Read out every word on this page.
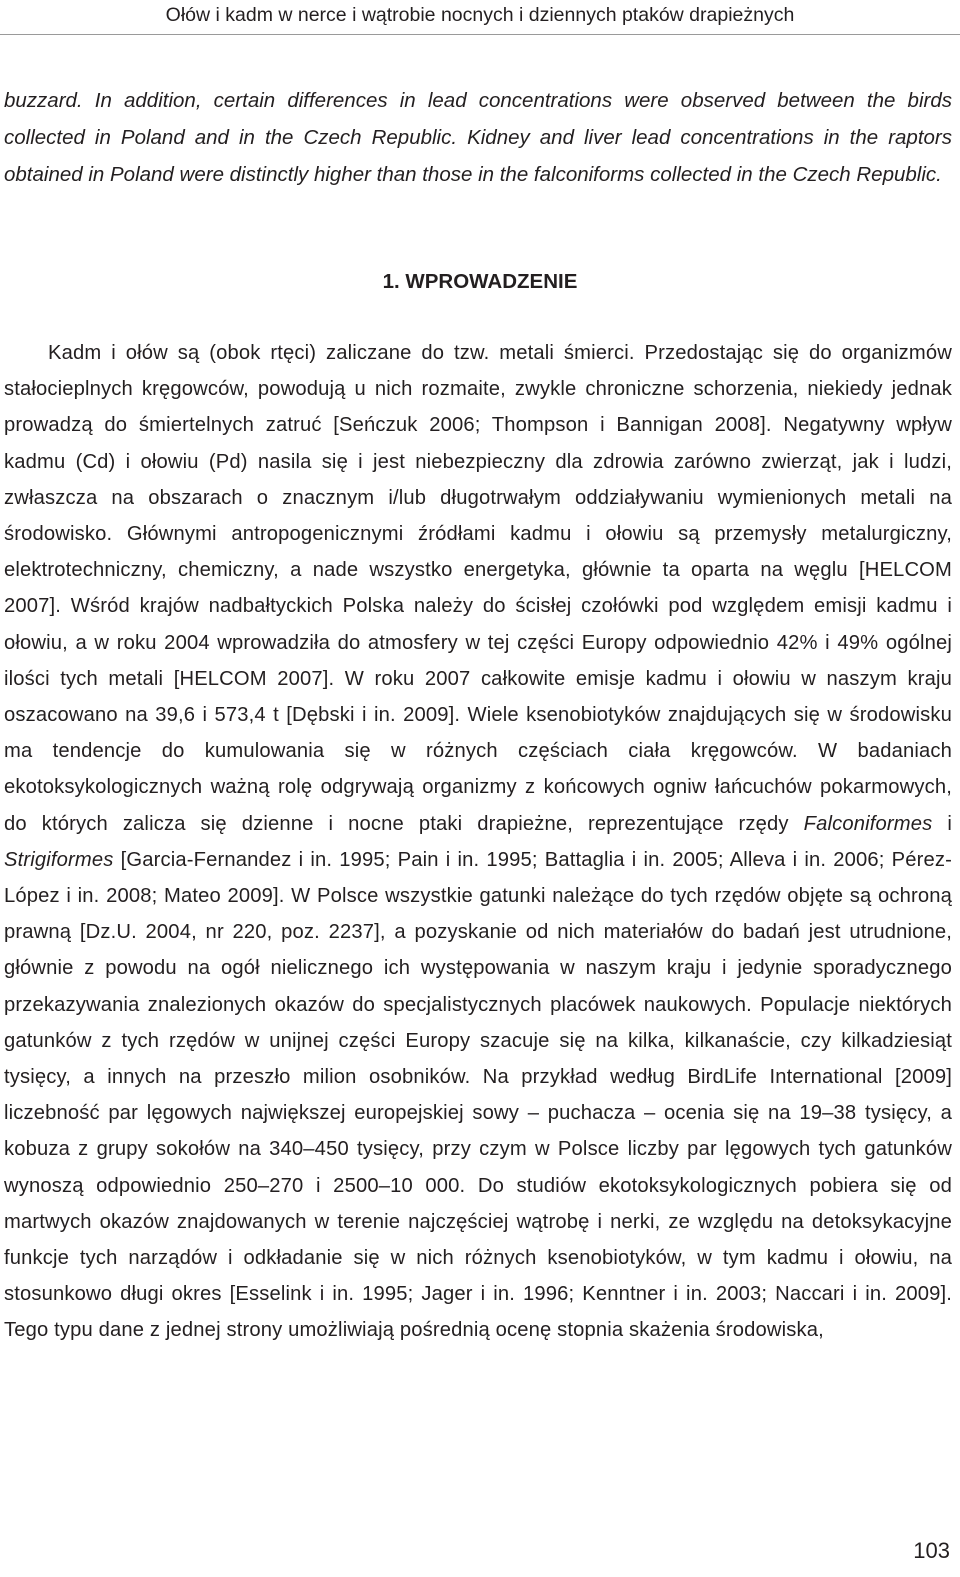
Ołów i kadm w nerce i wątrobie nocnych i dziennych ptaków drapieżnych

buzzard. In addition, certain differences in lead concentrations were observed between the birds collected in Poland and in the Czech Republic. Kidney and liver lead concentrations in the raptors obtained in Poland were distinctly higher than those in the falconiforms collected in the Czech Republic.

1. WPROWADZENIE

Kadm i ołów są (obok rtęci) zaliczane do tzw. metali śmierci. Przedostając się do organizmów stałocieplnych kręgowców, powodują u nich rozmaite, zwykle chroniczne schorzenia, niekiedy jednak prowadzą do śmiertelnych zatruć [Seńczuk 2006; Thompson i Bannigan 2008]. Negatywny wpływ kadmu (Cd) i ołowiu (Pd) nasila się i jest niebezpieczny dla zdrowia zarówno zwierząt, jak i ludzi, zwłaszcza na obszarach o znacznym i/lub długotrwałym oddziaływaniu wymienionych metali na środowisko. Głównymi antropogenicznymi źródłami kadmu i ołowiu są przemysły metalurgiczny, elektrotechniczny, chemiczny, a nade wszystko energetyka, głównie ta oparta na węglu [HELCOM 2007]. Wśród krajów nadbałtyckich Polska należy do ścisłej czołówki pod względem emisji kadmu i ołowiu, a w roku 2004 wprowadziła do atmosfery w tej części Europy odpowiednio 42% i 49% ogólnej ilości tych metali [HELCOM 2007]. W roku 2007 całkowite emisje kadmu i ołowiu w naszym kraju oszacowano na 39,6 i 573,4 t [Dębski i in. 2009]. Wiele ksenobiotyków znajdujących się w środowisku ma tendencje do kumulowania się w różnych częściach ciała kręgowców. W badaniach ekotoksykologicznych ważną rolę odgrywają organizmy z końcowych ogniw łańcuchów pokarmowych, do których zalicza się dzienne i nocne ptaki drapieżne, reprezentujące rzędy Falconiformes i Strigiformes [Garcia-Fernandez i in. 1995; Pain i in. 1995; Battaglia i in. 2005; Alleva i in. 2006; Pérez-López i in. 2008; Mateo 2009]. W Polsce wszystkie gatunki należące do tych rzędów objęte są ochroną prawną [Dz.U. 2004, nr 220, poz. 2237], a pozyskanie od nich materiałów do badań jest utrudnione, głównie z powodu na ogół nielicznego ich występowania w naszym kraju i jedynie sporadycznego przekazywania znalezionych okazów do specjalistycznych placówek naukowych. Populacje niektórych gatunków z tych rzędów w unijnej części Europy szacuje się na kilka, kilkanaście, czy kilkadziesiąt tysięcy, a innych na przeszło milion osobników. Na przykład według BirdLife International [2009] liczebność par lęgowych największej europejskiej sowy – puchacza – ocenia się na 19–38 tysięcy, a kobuza z grupy sokołów na 340–450 tysięcy, przy czym w Polsce liczby par lęgowych tych gatunków wynoszą odpowiednio 250–270 i 2500–10 000. Do studiów ekotoksykologicznych pobiera się od martwych okazów znajdowanych w terenie najczęściej wątrobę i nerki, ze względu na detoksykacyjne funkcje tych narządów i odkładanie się w nich różnych ksenobiotyków, w tym kadmu i ołowiu, na stosunkowo długi okres [Esselink i in. 1995; Jager i in. 1996; Kenntner i in. 2003; Naccari i in. 2009]. Tego typu dane z jednej strony umożliwiają pośrednią ocenę stopnia skażenia środowiska,

103
